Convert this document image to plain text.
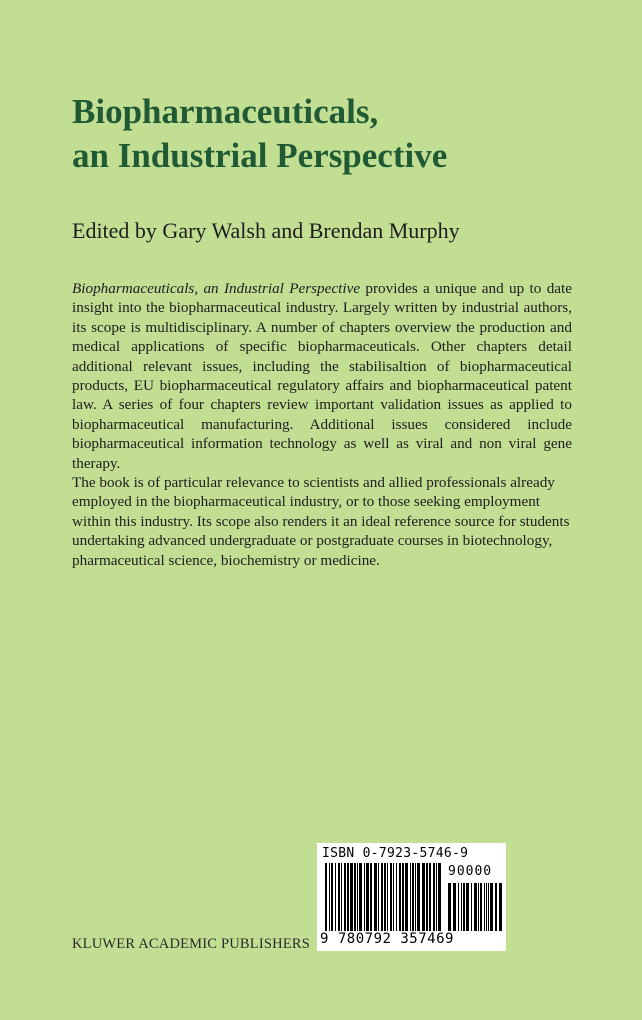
Biopharmaceuticals,
an Industrial Perspective

Edited by Gary Walsh and Brendan Murphy

Biopharmaceuticals, an Industrial Perspective provides a unique and up to date insight into the biopharmaceutical industry. Largely written by industrial authors, its scope is multidisciplinary. A number of chapters overview the production and medical applications of specific biopharmaceuticals. Other chapters detail additional relevant issues, including the stabilisaltion of biopharmaceutical products, EU biopharmaceutical regulatory affairs and biopharmaceutical patent law. A series of four chapters review important validation issues as applied to biopharmaceutical manufacturing. Additional issues considered include biopharmaceutical information technology as well as viral and non viral gene therapy.

The book is of particular relevance to scientists and allied professionals already employed in the biopharmaceutical industry, or to those seeking employment within this industry. Its scope also renders it an ideal reference source for students undertaking advanced undergraduate or postgraduate courses in biotechnology, pharmaceutical science, biochemistry or medicine.

ISBN 0-7923-5746-9
90000
9 780792 357469
KLUWER ACADEMIC PUBLISHERS
